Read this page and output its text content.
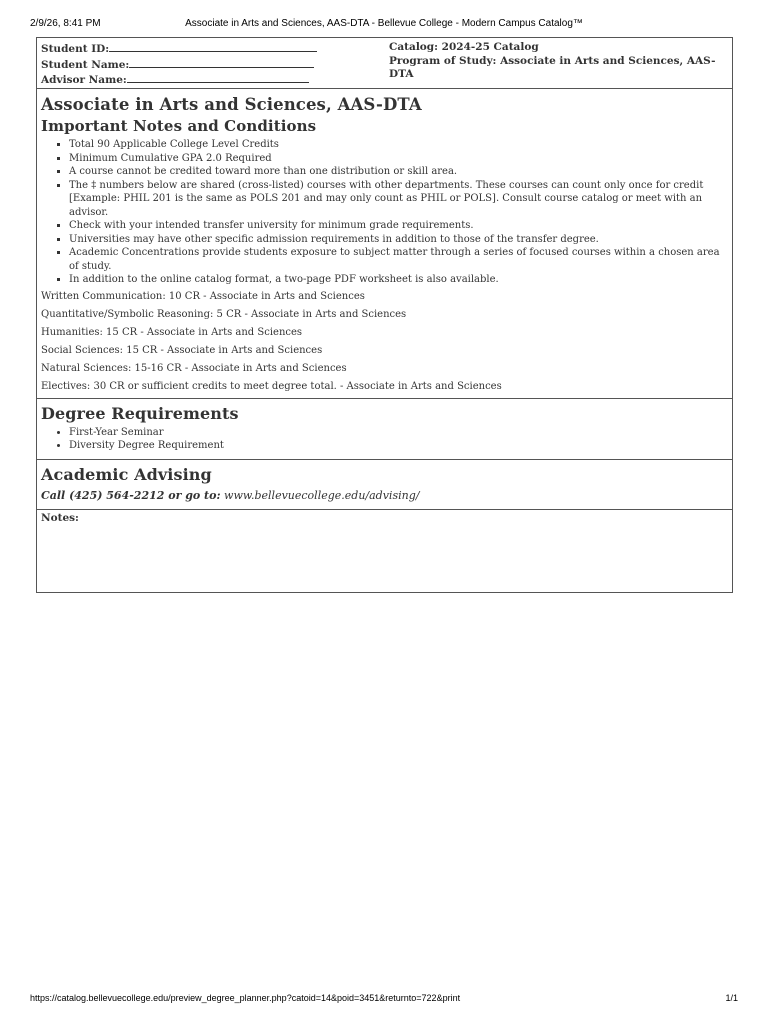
2/9/26, 8:41 PM	Associate in Arts and Sciences, AAS-DTA - Bellevue College - Modern Campus Catalog™
Student ID:
Student Name:
Advisor Name:
Catalog: 2024-25 Catalog
Program of Study: Associate in Arts and Sciences, AAS-DTA
Associate in Arts and Sciences, AAS-DTA
Important Notes and Conditions
▪ Total 90 Applicable College Level Credits
▪ Minimum Cumulative GPA 2.0 Required
▪ A course cannot be credited toward more than one distribution or skill area.
▪ The ‡ numbers below are shared (cross-listed) courses with other departments. These courses can count only once for credit [Example: PHIL 201 is the same as POLS 201 and may only count as PHIL or POLS]. Consult course catalog or meet with an advisor.
▪ Check with your intended transfer university for minimum grade requirements.
▪ Universities may have other specific admission requirements in addition to those of the transfer degree.
▪ Academic Concentrations provide students exposure to subject matter through a series of focused courses within a chosen area of study.
▪ In addition to the online catalog format, a two-page PDF worksheet is also available.

Written Communication: 10 CR - Associate in Arts and Sciences

Quantitative/Symbolic Reasoning: 5 CR - Associate in Arts and Sciences

Humanities: 15 CR - Associate in Arts and Sciences

Social Sciences: 15 CR - Associate in Arts and Sciences

Natural Sciences: 15-16 CR - Associate in Arts and Sciences

Electives: 30 CR or sufficient credits to meet degree total. - Associate in Arts and Sciences

Degree Requirements
• First-Year Seminar
• Diversity Degree Requirement
Academic Advising
Call (425) 564-2212 or go to: www.bellevuecollege.edu/advising/
Notes:
https://catalog.bellevuecollege.edu/preview_degree_planner.php?catoid=14&poid=3451&returnto=722&print	1/1
